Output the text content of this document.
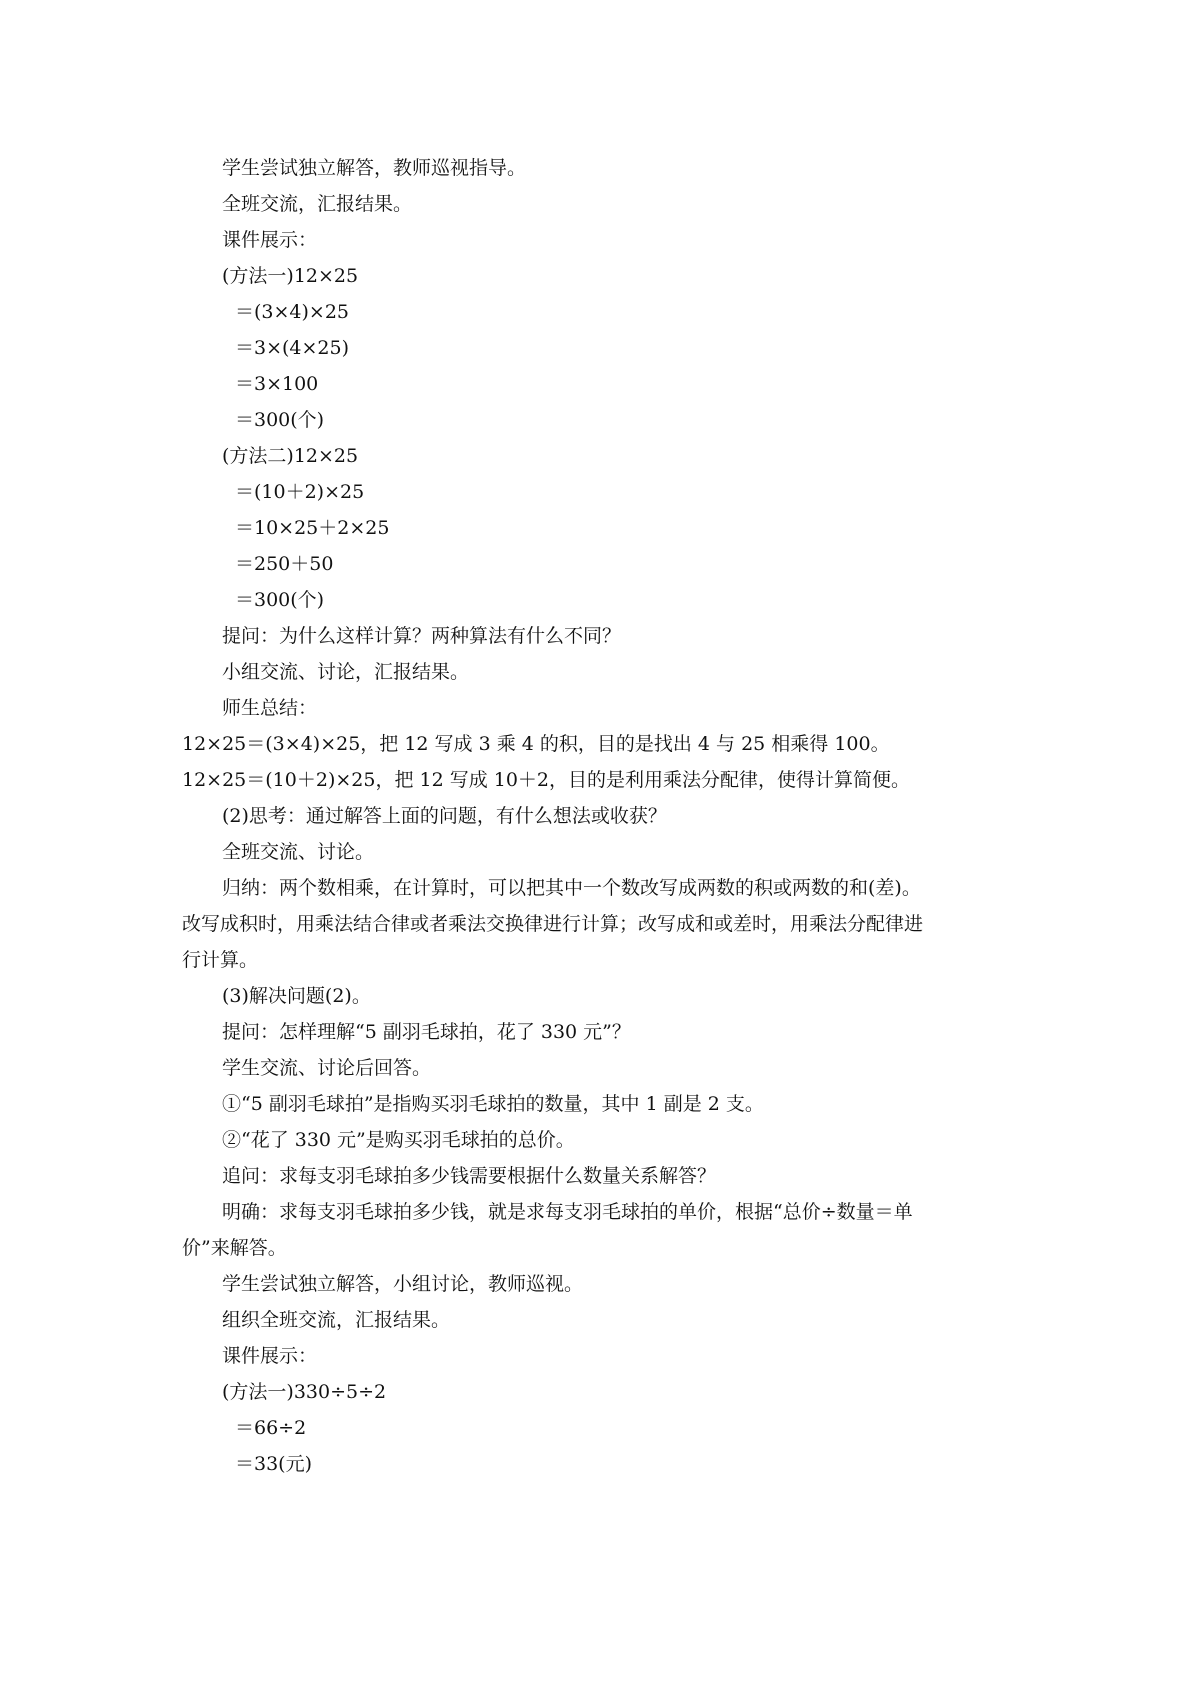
学生尝试独立解答，教师巡视指导。
全班交流，汇报结果。
课件展示：
(方法一)12×25
＝(3×4)×25
＝3×(4×25)
＝3×100
＝300(个)
(方法二)12×25
＝(10＋2)×25
＝10×25＋2×25
＝250＋50
＝300(个)
提问：为什么这样计算？两种算法有什么不同？
小组交流、讨论，汇报结果。
师生总结：
12×25＝(3×4)×25，把 12 写成 3 乘 4 的积，目的是找出 4 与 25 相乘得 100。
12×25＝(10＋2)×25，把 12 写成 10＋2，目的是利用乘法分配律，使得计算简便。
(2)思考：通过解答上面的问题，有什么想法或收获？
全班交流、讨论。
归纳：两个数相乘，在计算时，可以把其中一个数改写成两数的积或两数的和(差)。
改写成积时，用乘法结合律或者乘法交换律进行计算；改写成和或差时，用乘法分配律进
行计算。
(3)解决问题(2)。
提问：怎样理解“5 副羽毛球拍，花了 330 元”？
学生交流、讨论后回答。
①“5 副羽毛球拍”是指购买羽毛球拍的数量，其中 1 副是 2 支。
②“花了 330 元”是购买羽毛球拍的总价。
追问：求每支羽毛球拍多少钱需要根据什么数量关系解答？
明确：求每支羽毛球拍多少钱，就是求每支羽毛球拍的单价，根据“总价÷数量＝单
价”来解答。
学生尝试独立解答，小组讨论，教师巡视。
组织全班交流，汇报结果。
课件展示：
(方法一)330÷5÷2
＝66÷2
＝33(元)
